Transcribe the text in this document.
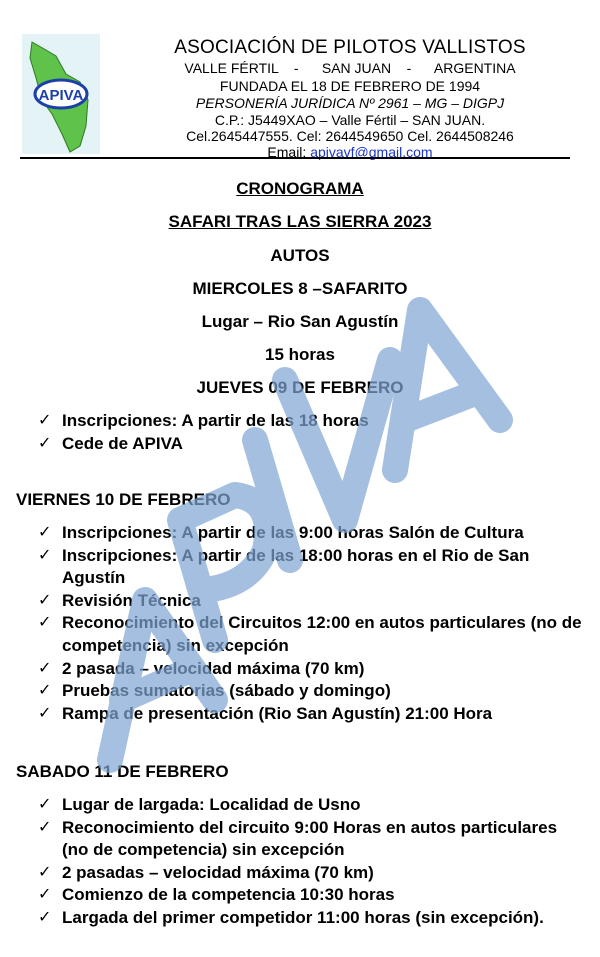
APIVA
ASOCIACIÓN DE PILOTOS VALLISTOS
VALLE FÉRTIL    -      SAN JUAN    -      ARGENTINA
FUNDADA EL 18 DE FEBRERO DE 1994
PERSONERÍA JURÍDICA Nº 2961 – MG – DIGPJ
C.P.: J5449XAO – Valle Fértil – SAN JUAN.
Cel.2645447555. Cel: 2644549650 Cel. 2644508246
Email: apivavf@gmail.com
CRONOGRAMA
SAFARI TRAS LAS SIERRA 2023
AUTOS
MIERCOLES 8 –SAFARITO
Lugar – Rio San Agustín
15 horas
JUEVES 09 DE FEBRERO
✓ Inscripciones: A partir de las 18 horas
✓ Cede de APIVA
VIERNES 10 DE FEBRERO
✓ Inscripciones: A partir de las 9:00 horas Salón de Cultura
✓ Inscripciones: A partir de las 18:00 horas en el Rio de San Agustín
✓ Revisión Técnica
✓ Reconocimiento del Circuitos 12:00 en autos particulares (no de competencia) sin excepción
✓ 2 pasada – velocidad máxima (70 km)
✓ Pruebas sumatorias (sábado y domingo)
✓ Rampa de presentación (Rio San Agustín) 21:00 Hora
SABADO 11 DE FEBRERO
✓ Lugar de largada: Localidad de Usno
✓ Reconocimiento del circuito 9:00 Horas en autos particulares (no de competencia) sin excepción
✓ 2 pasadas – velocidad máxima (70 km)
✓ Comienzo de la competencia 10:30 horas
✓ Largada del primer competidor 11:00 horas (sin excepción).
